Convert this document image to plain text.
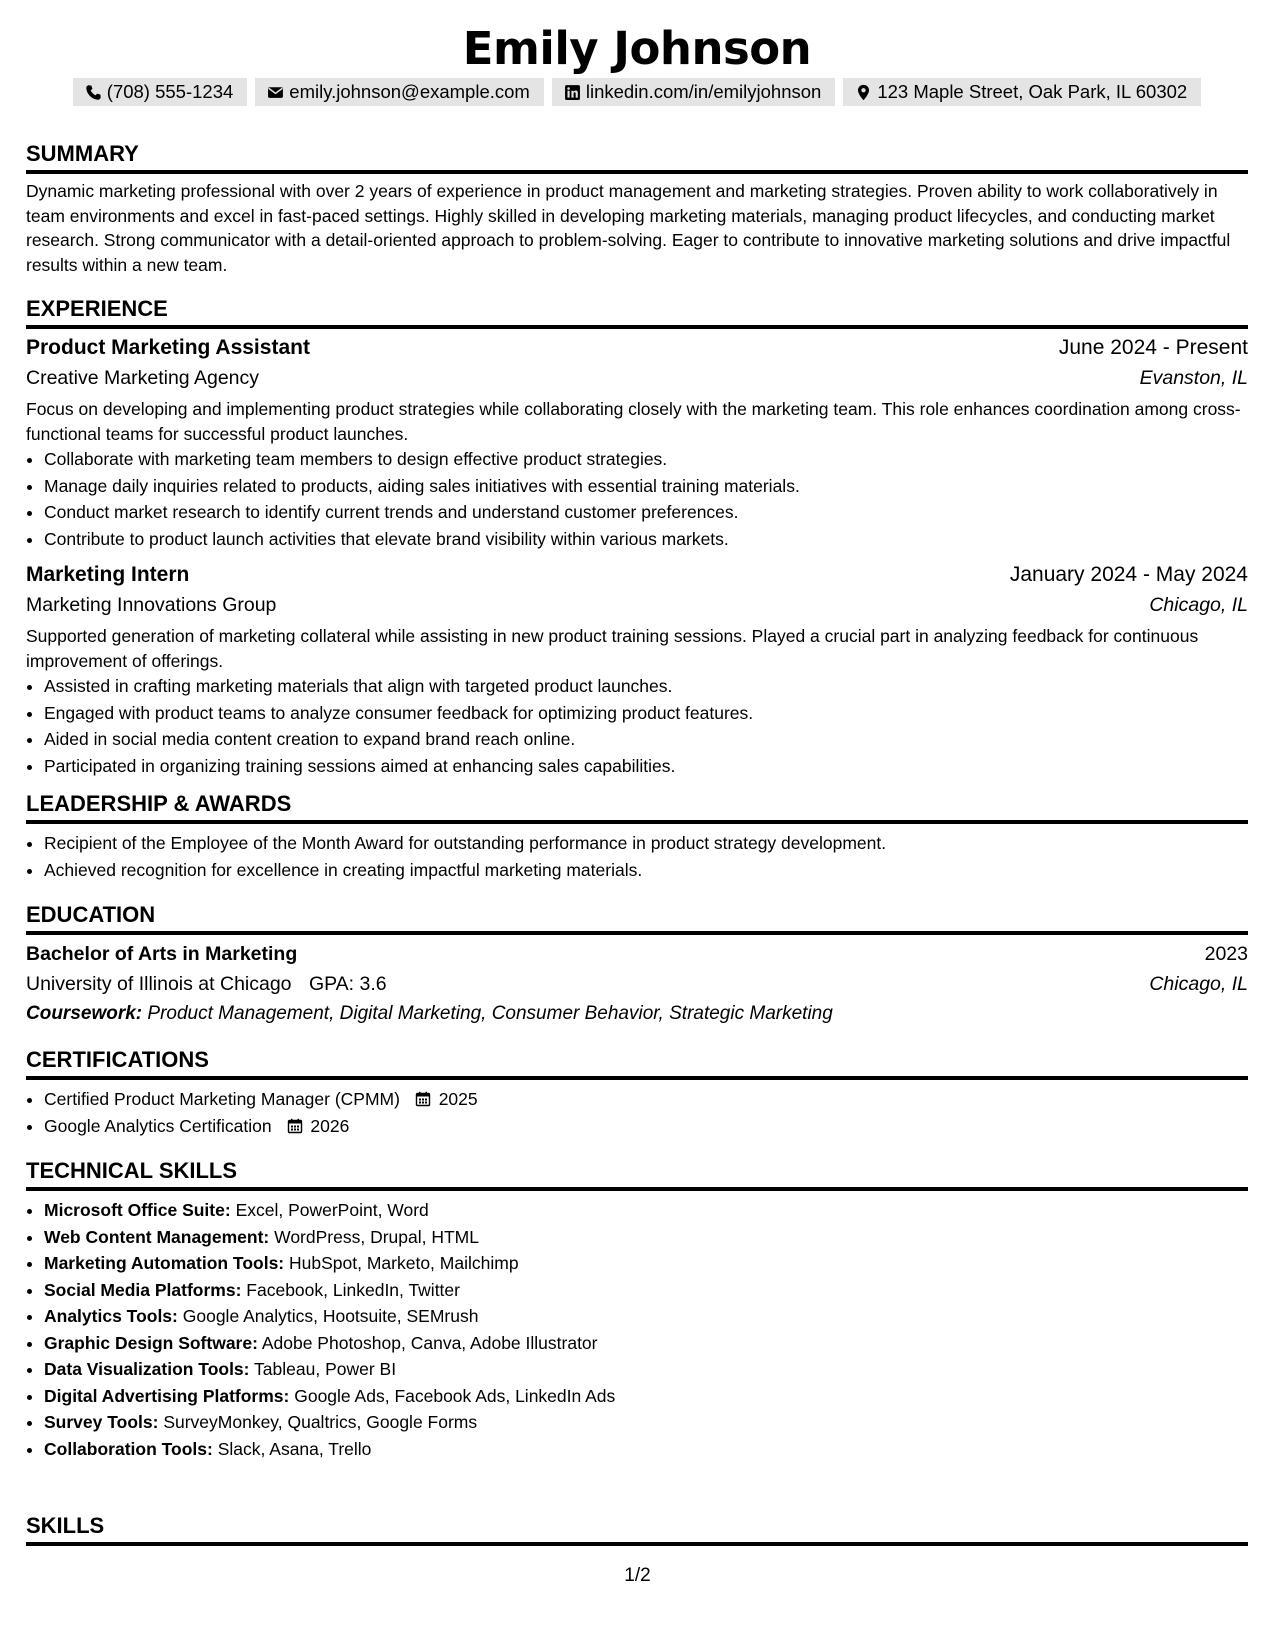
Emily Johnson
(708) 555-1234	emily.johnson@example.com	linkedin.com/in/emilyjohnson	123 Maple Street, Oak Park, IL 60302
SUMMARY

Dynamic marketing professional with over 2 years of experience in product management and marketing strategies. Proven ability to work collaboratively in team environments and excel in fast-paced settings. Highly skilled in developing marketing materials, managing product lifecycles, and conducting market research. Strong communicator with a detail-oriented approach to problem-solving. Eager to contribute to innovative marketing solutions and drive impactful results within a new team.

EXPERIENCE
Product Marketing Assistant	June 2024 - Present
Creative Marketing Agency	Evanston, IL

Focus on developing and implementing product strategies while collaborating closely with the marketing team. This role enhances coordination among cross-functional teams for successful product launches.

• Collaborate with marketing team members to design effective product strategies.
• Manage daily inquiries related to products, aiding sales initiatives with essential training materials.
• Conduct market research to identify current trends and understand customer preferences.
• Contribute to product launch activities that elevate brand visibility within various markets.
Marketing Intern	January 2024 - May 2024
Marketing Innovations Group	Chicago, IL

Supported generation of marketing collateral while assisting in new product training sessions. Played a crucial part in analyzing feedback for continuous improvement of offerings.

• Assisted in crafting marketing materials that align with targeted product launches.
• Engaged with product teams to analyze consumer feedback for optimizing product features.
• Aided in social media content creation to expand brand reach online.
• Participated in organizing training sessions aimed at enhancing sales capabilities.
LEADERSHIP & AWARDS
• Recipient of the Employee of the Month Award for outstanding performance in product strategy development.
• Achieved recognition for excellence in creating impactful marketing materials.
EDUCATION
Bachelor of Arts in Marketing	2023
University of Illinois at Chicago GPA: 3.6	Chicago, IL
Coursework: Product Management, Digital Marketing, Consumer Behavior, Strategic Marketing
CERTIFICATIONS
• Certified Product Marketing Manager (CPMM) 2025
• Google Analytics Certification 2026
TECHNICAL SKILLS
• Microsoft Office Suite: Excel, PowerPoint, Word
• Web Content Management: WordPress, Drupal, HTML
• Marketing Automation Tools: HubSpot, Marketo, Mailchimp
• Social Media Platforms: Facebook, LinkedIn, Twitter
• Analytics Tools: Google Analytics, Hootsuite, SEMrush
• Graphic Design Software: Adobe Photoshop, Canva, Adobe Illustrator
• Data Visualization Tools: Tableau, Power BI
• Digital Advertising Platforms: Google Ads, Facebook Ads, LinkedIn Ads
• Survey Tools: SurveyMonkey, Qualtrics, Google Forms
• Collaboration Tools: Slack, Asana, Trello
SKILLS
1/2
